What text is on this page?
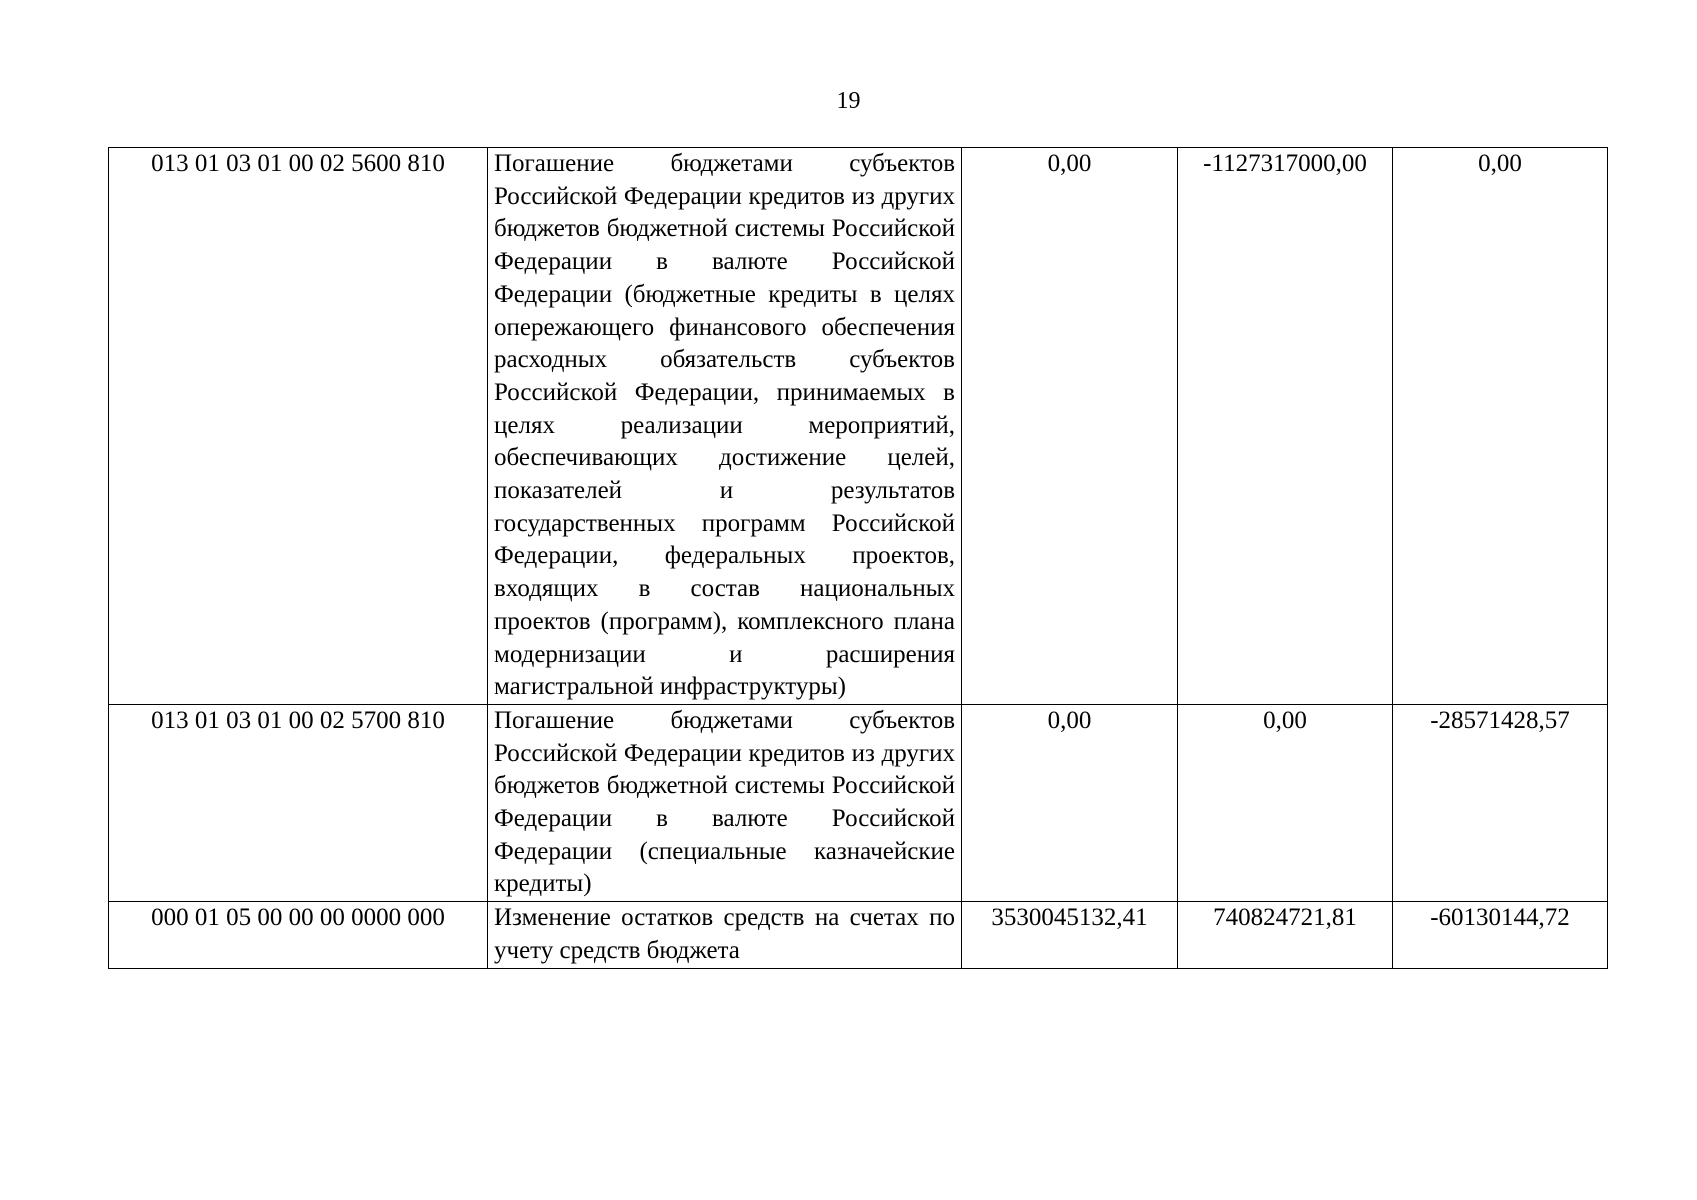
19
013 01 03 01 00 02 5600 810	Погашение бюджетами субъектов Российской Федерации кредитов из других бюджетов бюджетной системы Российской Федерации в валюте Российской Федерации (бюджетные кредиты в целях опережающего финансового обеспечения расходных обязательств субъектов Российской Федерации, принимаемых в целях реализации мероприятий, обеспечивающих достижение целей, показателей и результатов государственных программ Российской Федерации, федеральных проектов, входящих в состав национальных проектов (программ), комплексного плана модернизации и расширения магистральной инфраструктуры)	0,00	-1127317000,00	0,00
013 01 03 01 00 02 5700 810	Погашение бюджетами субъектов Российской Федерации кредитов из других бюджетов бюджетной системы Российской Федерации в валюте Российской Федерации (специальные казначейские кредиты)	0,00	0,00	-28571428,57
000 01 05 00 00 00 0000 000	Изменение остатков средств на счетах по учету средств бюджета	3530045132,41	740824721,81	-60130144,72
